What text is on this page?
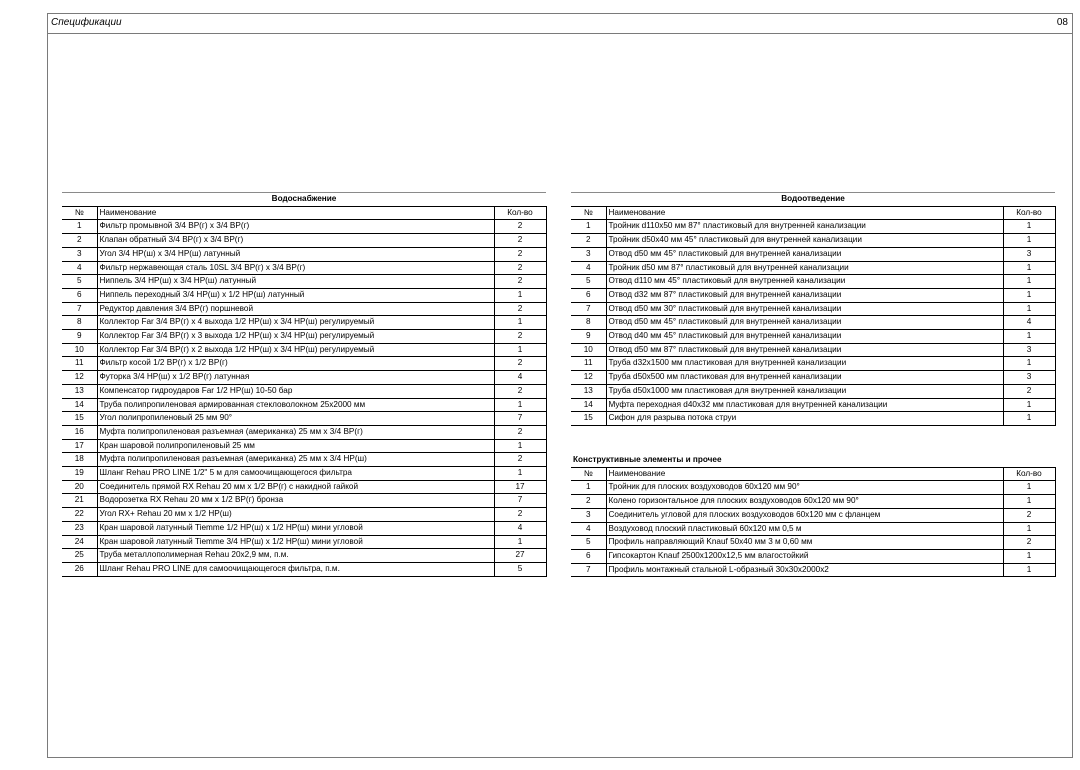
Спецификации	08
Водоснабжение		
№	Наименование	Кол-во
1	Фильтр промывной 3/4 ВР(г) х 3/4 ВР(г)	2
2	Клапан обратный 3/4 ВР(г) х 3/4 ВР(г)	2
3	Угол 3/4 НР(ш) х 3/4 НР(ш) латунный	2
4	Фильтр нержавеющая сталь 10SL 3/4 ВР(г) х 3/4 ВР(г)	2
5	Ниппель 3/4 НР(ш) х 3/4 НР(ш) латунный	2
6	Ниппель переходный 3/4 НР(ш) х 1/2 НР(ш) латунный	1
7	Редуктор давления 3/4 ВР(г) поршневой	2
8	Коллектор Far 3/4 ВР(г) х 4 выхода 1/2 НР(ш) х 3/4 НР(ш) регулируемый	1
9	Коллектор Far 3/4 ВР(г) х 3 выхода 1/2 НР(ш) х 3/4 НР(ш) регулируемый	2
10	Коллектор Far 3/4 ВР(г) х 2 выхода 1/2 НР(ш) х 3/4 НР(ш) регулируемый	1
11	Фильтр косой 1/2 ВР(г) х 1/2 ВР(г)	2
12	Футорка 3/4 НР(ш) х 1/2 ВР(г) латунная	4
13	Компенсатор гидроударов Far 1/2 НР(ш) 10-50 бар	2
14	Труба полипропиленовая армированная стекловолокном 25х2000 мм	1
15	Угол полипропиленовый 25 мм 90°	7
16	Муфта полипропиленовая разъемная (американка) 25 мм х 3/4 ВР(г)	2
17	Кран шаровой полипропиленовый 25 мм	1
18	Муфта полипропиленовая разъемная (американка) 25 мм х 3/4 НР(ш)	2
19	Шланг Rehau PRO LINE 1/2" 5 м для самоочищающегося фильтра	1
20	Соединитель прямой RX Rehau 20 мм х 1/2 ВР(г) с накидной гайкой	17
21	Водорозетка RX Rehau 20 мм х 1/2 ВР(г) бронза	7
22	Угол RX+ Rehau 20 мм х 1/2 НР(ш)	2
23	Кран шаровой латунный Tiemme 1/2 НР(ш) х 1/2 НР(ш) мини угловой	4
24	Кран шаровой латунный Tiemme 3/4 НР(ш) х 1/2 НР(ш) мини угловой	1
25	Труба металлополимерная Rehau 20х2,9 мм, п.м.	27
26	Шланг Rehau PRO LINE для самоочищающегося фильтра, п.м.	5
Водоотведение		
№	Наименование	Кол-во
1	Тройник d110х50 мм 87° пластиковый для внутренней канализации	1
2	Тройник d50х40 мм 45° пластиковый для внутренней канализации	1
3	Отвод d50 мм 45° пластиковый для внутренней канализации	3
4	Тройник d50 мм 87° пластиковый для внутренней канализации	1
5	Отвод d110 мм 45° пластиковый для внутренней канализации	1
6	Отвод d32 мм 87° пластиковый для внутренней канализации	1
7	Отвод d50 мм 30° пластиковый для внутренней канализации	1
8	Отвод d50 мм 45° пластиковый для внутренней канализации	4
9	Отвод d40 мм 45° пластиковый для внутренней канализации	1
10	Отвод d50 мм 87° пластиковый для внутренней канализации	3
11	Труба d32х1500 мм пластиковая для внутренней канализации	1
12	Труба d50х500 мм пластиковая для внутренней канализации	3
13	Труба d50х1000 мм пластиковая для внутренней канализации	2
14	Муфта переходная d40х32 мм пластиковая для внутренней канализации	1
15	Сифон для разрыва потока струи	1
Конструктивные элементы и прочее		
№	Наименование	Кол-во
1	Тройник для плоских воздуховодов 60х120 мм 90°	1
2	Колено горизонтальное для плоских воздуховодов 60х120 мм 90°	1
3	Соединитель угловой для плоских воздуховодов 60х120 мм с фланцем	2
4	Воздуховод плоский пластиковый 60х120 мм 0,5 м	1
5	Профиль направляющий Knauf 50х40 мм 3 м 0,60 мм	2
6	Гипсокартон Knauf 2500х1200х12,5 мм влагостойкий	1
7	Профиль монтажный стальной L-образный 30х30х2000х2	1
